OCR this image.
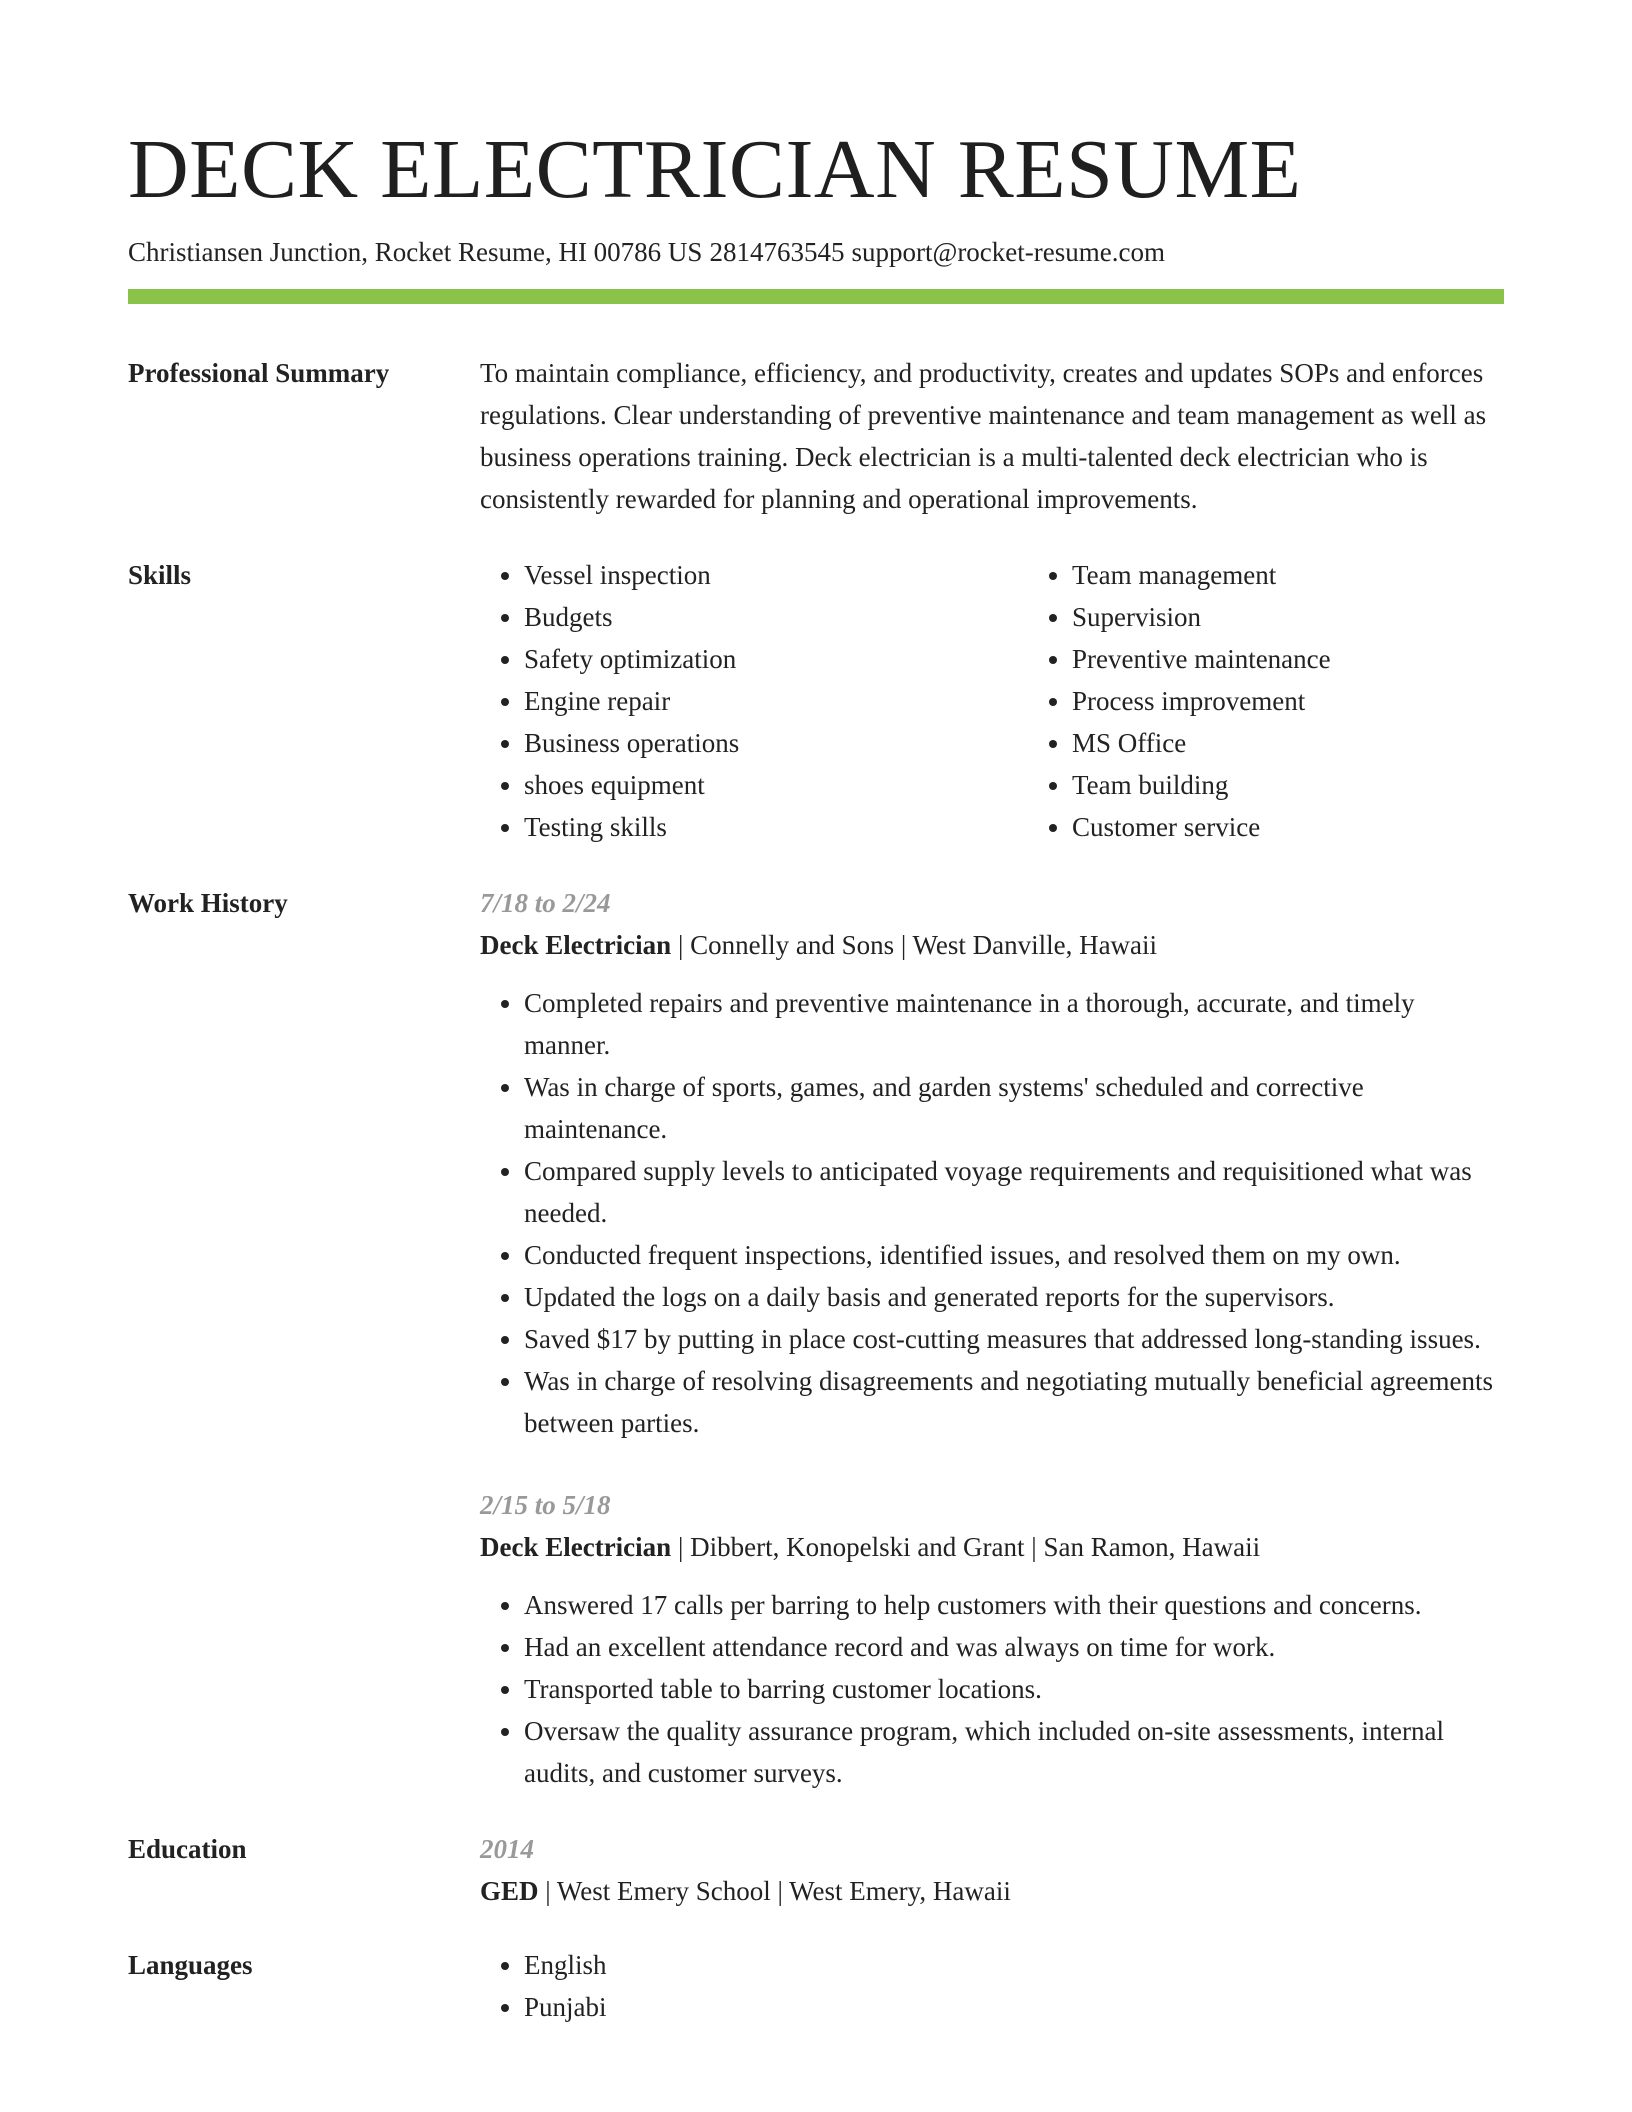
DECK ELECTRICIAN RESUME
Christiansen Junction, Rocket Resume, HI 00786 US 2814763545 support@rocket-resume.com
Professional Summary	To maintain compliance, efficiency, and productivity, creates and updates SOPs and enforces regulations. Clear understanding of preventive maintenance and team management as well as business operations training. Deck electrician is a multi-talented deck electrician who is consistently rewarded for planning and operational improvements.
Skills	• Vessel inspection
• Budgets
• Safety optimization
• Engine repair
• Business operations
• shoes equipment
• Testing skills
• Team management
• Supervision
• Preventive maintenance
• Process improvement
• MS Office
• Team building
• Customer service
Work History	7/18 to 2/24
Deck Electrician | Connelly and Sons | West Danville, Hawaii
• Completed repairs and preventive maintenance in a thorough, accurate, and timely manner.
• Was in charge of sports, games, and garden systems' scheduled and corrective maintenance.
• Compared supply levels to anticipated voyage requirements and requisitioned what was needed.
• Conducted frequent inspections, identified issues, and resolved them on my own.
• Updated the logs on a daily basis and generated reports for the supervisors.
• Saved $17 by putting in place cost-cutting measures that addressed long-standing issues.
• Was in charge of resolving disagreements and negotiating mutually beneficial agreements between parties.
2/15 to 5/18
Deck Electrician | Dibbert, Konopelski and Grant | San Ramon, Hawaii
• Answered 17 calls per barring to help customers with their questions and concerns.
• Had an excellent attendance record and was always on time for work.
• Transported table to barring customer locations.
• Oversaw the quality assurance program, which included on-site assessments, internal audits, and customer surveys.
Education	2014
GED | West Emery School | West Emery, Hawaii
Languages	• English
• Punjabi
